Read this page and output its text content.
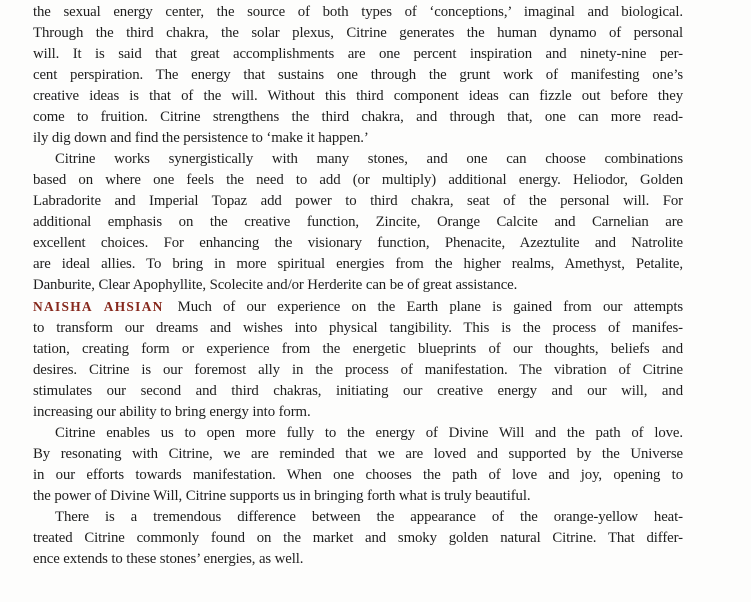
the sexual energy center, the source of both types of ‘conceptions,’ imaginal and biological.
Through the third chakra, the solar plexus, Citrine generates the human dynamo of personal
will. It is said that great accomplishments are one percent inspiration and ninety-nine per-
cent perspiration. The energy that sustains one through the grunt work of manifesting one’s
creative ideas is that of the will. Without this third component ideas can fizzle out before they
come to fruition. Citrine strengthens the third chakra, and through that, one can more read-
ily dig down and find the persistence to ‘make it happen.’
Citrine works synergistically with many stones, and one can choose combinations
based on where one feels the need to add (or multiply) additional energy. Heliodor, Golden
Labradorite and Imperial Topaz add power to third chakra, seat of the personal will. For
additional emphasis on the creative function, Zincite, Orange Calcite and Carnelian are
excellent choices. For enhancing the visionary function, Phenacite, Azeztulite and Natrolite
are ideal allies. To bring in more spiritual energies from the higher realms, Amethyst, Petalite,
Danburite, Clear Apophyllite, Scolecite and/or Herderite can be of great assistance.
NAISHA AHSIAN Much of our experience on the Earth plane is gained from our attempts
to transform our dreams and wishes into physical tangibility. This is the process of manifes-
tation, creating form or experience from the energetic blueprints of our thoughts, beliefs and
desires. Citrine is our foremost ally in the process of manifestation. The vibration of Citrine
stimulates our second and third chakras, initiating our creative energy and our will, and
increasing our ability to bring energy into form.
Citrine enables us to open more fully to the energy of Divine Will and the path of love.
By resonating with Citrine, we are reminded that we are loved and supported by the Universe
in our efforts towards manifestation. When one chooses the path of love and joy, opening to
the power of Divine Will, Citrine supports us in bringing forth what is truly beautiful.
There is a tremendous difference between the appearance of the orange-yellow heat-
treated Citrine commonly found on the market and smoky golden natural Citrine. That differ-
ence extends to these stones’ energies, as well.
